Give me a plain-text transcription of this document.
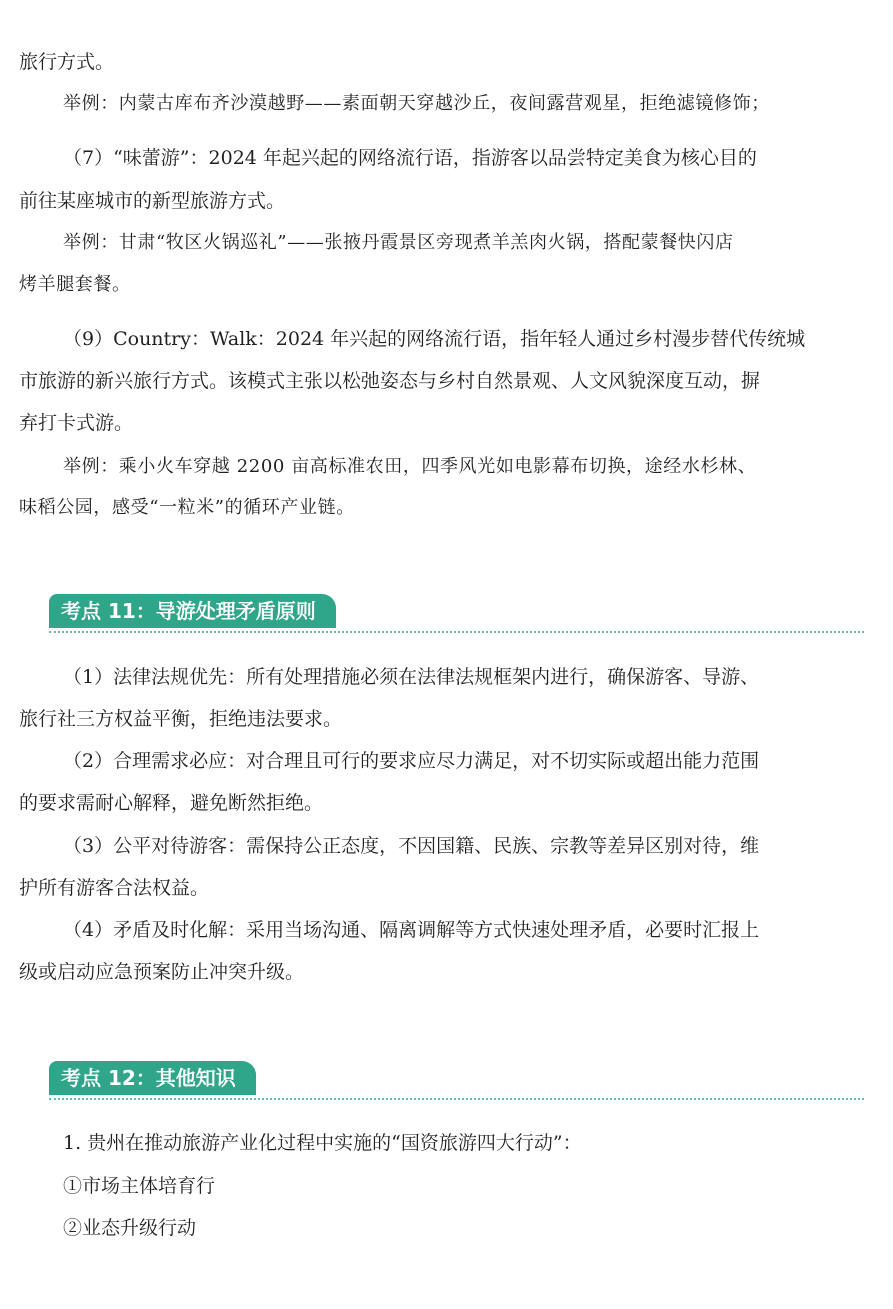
旅行方式。
举例：内蒙古库布齐沙漠越野——素面朝天穿越沙丘，夜间露营观星，拒绝滤镜修饰；
（7）“味蕾游”：2024 年起兴起的网络流行语，指游客以品尝特定美食为核心目的
前往某座城市的新型旅游方式。
举例：甘肃“牧区火锅巡礼”——张掖丹霞景区旁现煮羊羔肉火锅，搭配蒙餐快闪店
烤羊腿套餐。
（9）Country：Walk：2024 年兴起的网络流行语，指年轻人通过乡村漫步替代传统城
市旅游的新兴旅行方式。该模式主张以松弛姿态与乡村自然景观、人文风貌深度互动，摒
弃打卡式游。
举例：乘小火车穿越 2200 亩高标准农田，四季风光如电影幕布切换，途经水杉林、
味稻公园，感受“一粒米”的循环产业链。
考点 11：导游处理矛盾原则
（1）法律法规优先：所有处理措施必须在法律法规框架内进行，确保游客、导游、
旅行社三方权益平衡，拒绝违法要求。
（2）合理需求必应：对合理且可行的要求应尽力满足，对不切实际或超出能力范围
的要求需耐心解释，避免断然拒绝。
（3）公平对待游客：需保持公正态度，不因国籍、民族、宗教等差异区别对待，维
护所有游客合法权益。
（4）矛盾及时化解：采用当场沟通、隔离调解等方式快速处理矛盾，必要时汇报上
级或启动应急预案防止冲突升级。
考点 12：其他知识
1. 贵州在推动旅游产业化过程中实施的“国资旅游四大行动”：
①市场主体培育行
②业态升级行动
